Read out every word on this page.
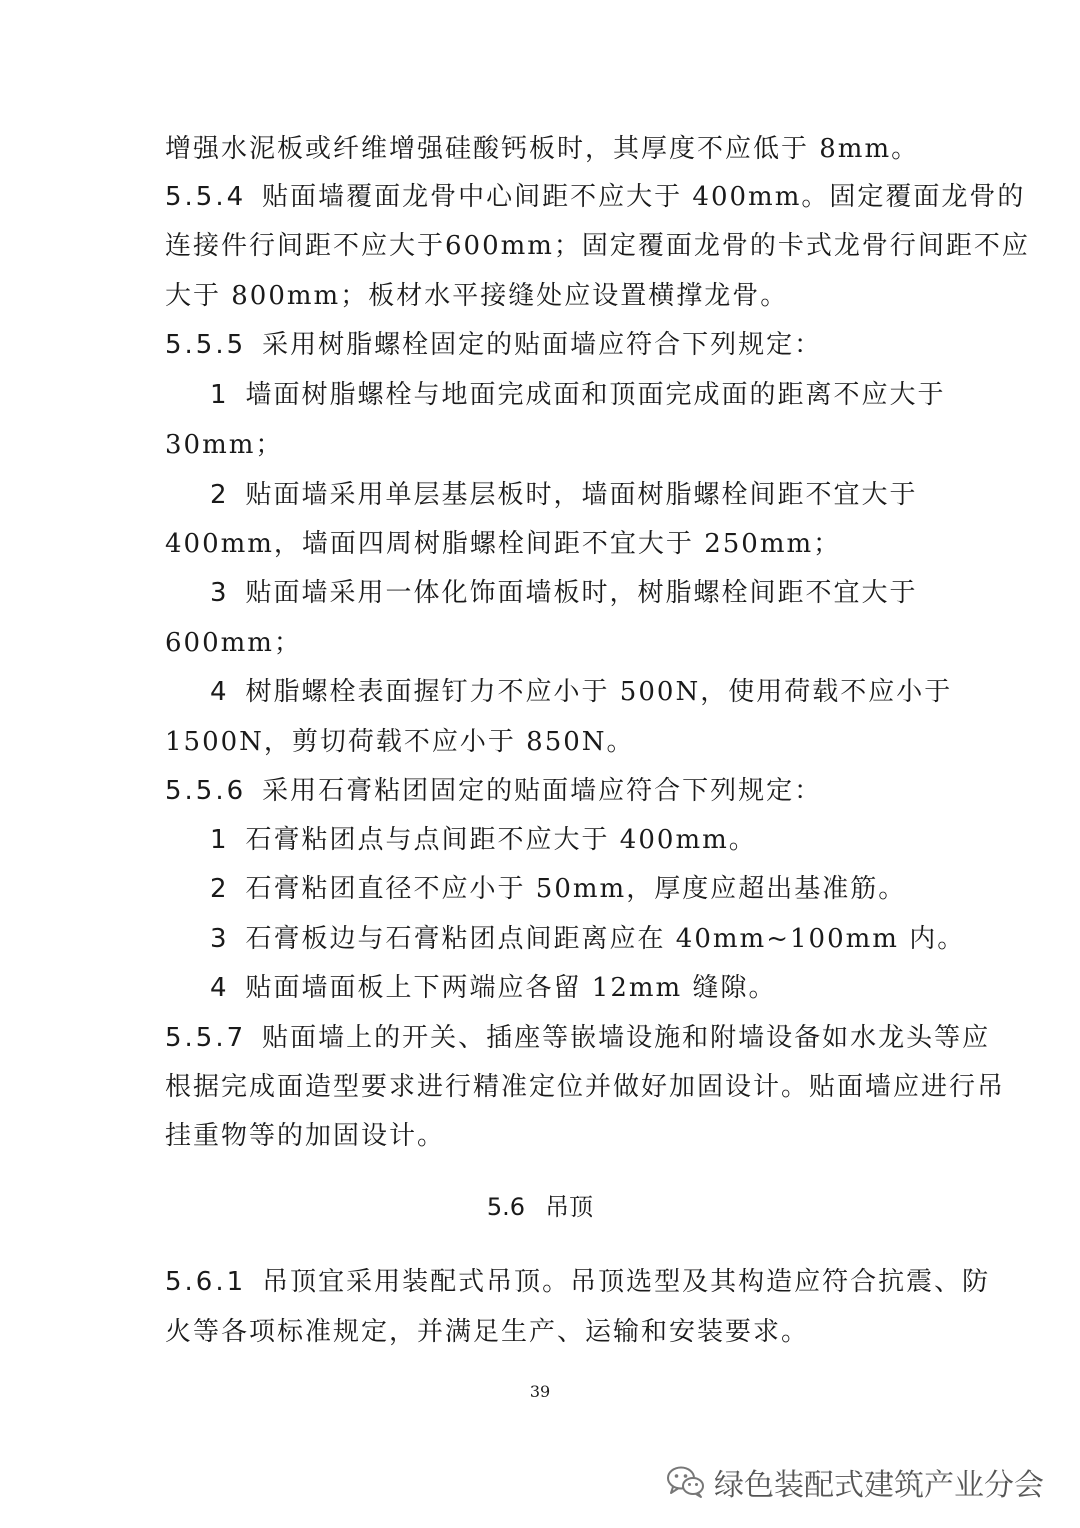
增强水泥板或纤维增强硅酸钙板时，其厚度不应低于 8mm。
5.5.4 贴面墙覆面龙骨中心间距不应大于 400mm。固定覆面龙骨的
连接件行间距不应大于600mm；固定覆面龙骨的卡式龙骨行间距不应
大于 800mm；板材水平接缝处应设置横撑龙骨。
5.5.5 采用树脂螺栓固定的贴面墙应符合下列规定：
1 墙面树脂螺栓与地面完成面和顶面完成面的距离不应大于
30mm；
2 贴面墙采用单层基层板时，墙面树脂螺栓间距不宜大于
400mm，墙面四周树脂螺栓间距不宜大于 250mm；
3 贴面墙采用一体化饰面墙板时，树脂螺栓间距不宜大于
600mm；
4 树脂螺栓表面握钉力不应小于 500N，使用荷载不应小于
1500N，剪切荷载不应小于 850N。
5.5.6 采用石膏粘团固定的贴面墙应符合下列规定：
1 石膏粘团点与点间距不应大于 400mm。
2 石膏粘团直径不应小于 50mm，厚度应超出基准筋。
3 石膏板边与石膏粘团点间距离应在 40mm~100mm 内。
4 贴面墙面板上下两端应各留 12mm 缝隙。
5.5.7 贴面墙上的开关、插座等嵌墙设施和附墙设备如水龙头等应
根据完成面造型要求进行精准定位并做好加固设计。贴面墙应进行吊
挂重物等的加固设计。
5.6 吊顶
5.6.1 吊顶宜采用装配式吊顶。吊顶选型及其构造应符合抗震、防
火等各项标准规定，并满足生产、运输和安装要求。
39
绿色装配式建筑产业分会
